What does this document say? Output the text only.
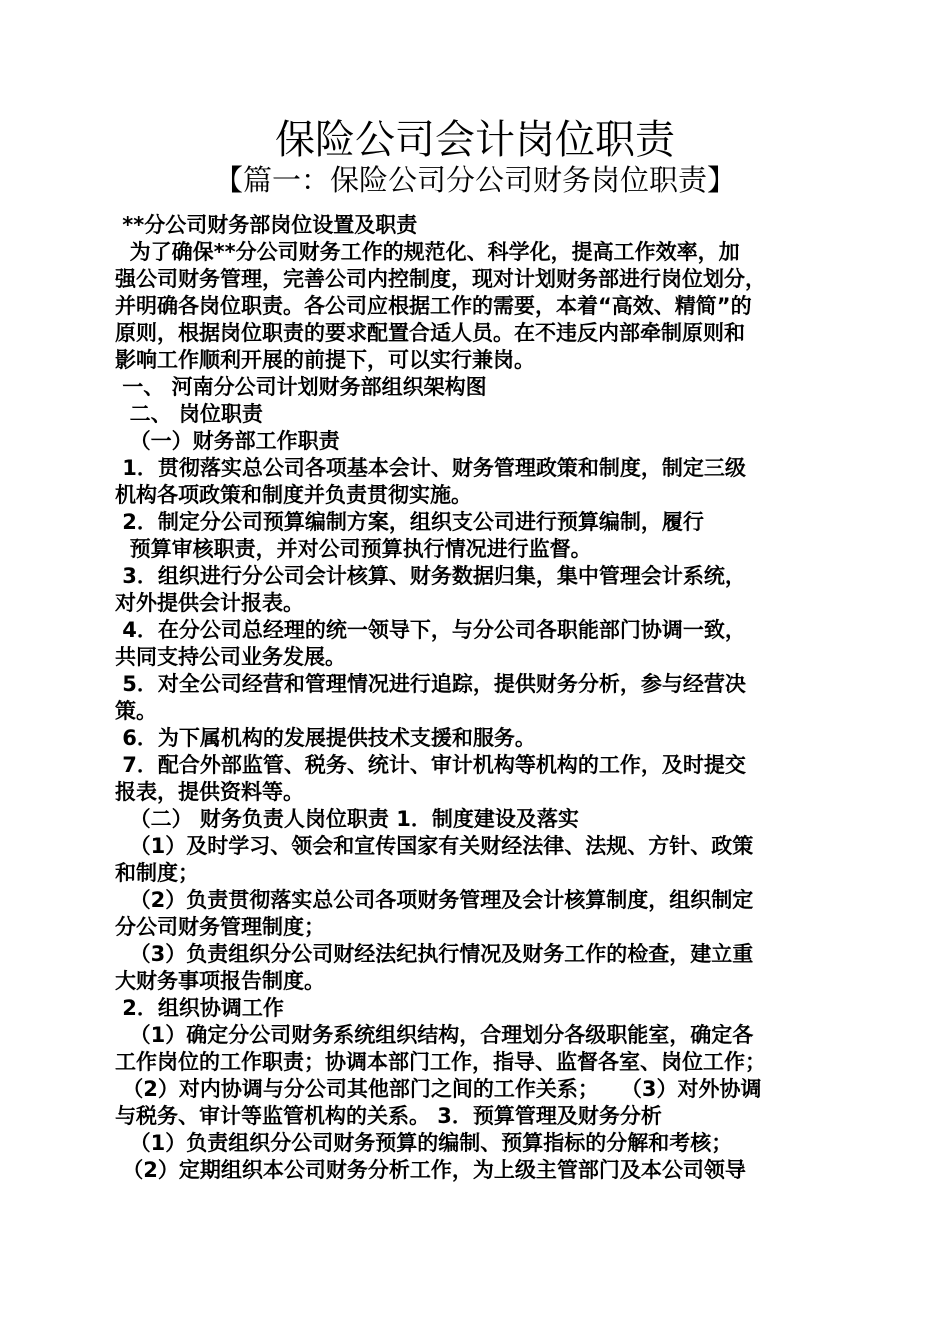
保险公司会计岗位职责
【篇一：保险公司分公司财务岗位职责】
**分公司财务部岗位设置及职责
为了确保**分公司财务工作的规范化、科学化，提高工作效率，加
强公司财务管理，完善公司内控制度，现对计划财务部进行岗位划分，
并明确各岗位职责。各公司应根据工作的需要，本着“高效、精简”的
原则，根据岗位职责的要求配置合适人员。在不违反内部牵制原则和
影响工作顺利开展的前提下，可以实行兼岗。
一、 河南分公司计划财务部组织架构图
二、 岗位职责
（一）财务部工作职责
1．贯彻落实总公司各项基本会计、财务管理政策和制度，制定三级
机构各项政策和制度并负责贯彻实施。
2．制定分公司预算编制方案，组织支公司进行预算编制，履行
预算审核职责，并对公司预算执行情况进行监督。
3．组织进行分公司会计核算、财务数据归集，集中管理会计系统，
对外提供会计报表。
4．在分公司总经理的统一领导下，与分公司各职能部门协调一致，
共同支持公司业务发展。
5．对全公司经营和管理情况进行追踪，提供财务分析，参与经营决
策。
6．为下属机构的发展提供技术支援和服务。
7．配合外部监管、税务、统计、审计机构等机构的工作，及时提交
报表，提供资料等。
（二） 财务负责人岗位职责 1．制度建设及落实
（1）及时学习、领会和宣传国家有关财经法律、法规、方针、政策
和制度；
（2）负责贯彻落实总公司各项财务管理及会计核算制度，组织制定
分公司财务管理制度；
（3）负责组织分公司财经法纪执行情况及财务工作的检查，建立重
大财务事项报告制度。
2．组织协调工作
（1）确定分公司财务系统组织结构，合理划分各级职能室，确定各
工作岗位的工作职责；协调本部门工作，指导、监督各室、岗位工作；
（2）对内协调与分公司其他部门之间的工作关系；   （3）对外协调
与税务、审计等监管机构的关系。 3．预算管理及财务分析
（1）负责组织分公司财务预算的编制、预算指标的分解和考核；
（2）定期组织本公司财务分析工作，为上级主管部门及本公司领导
